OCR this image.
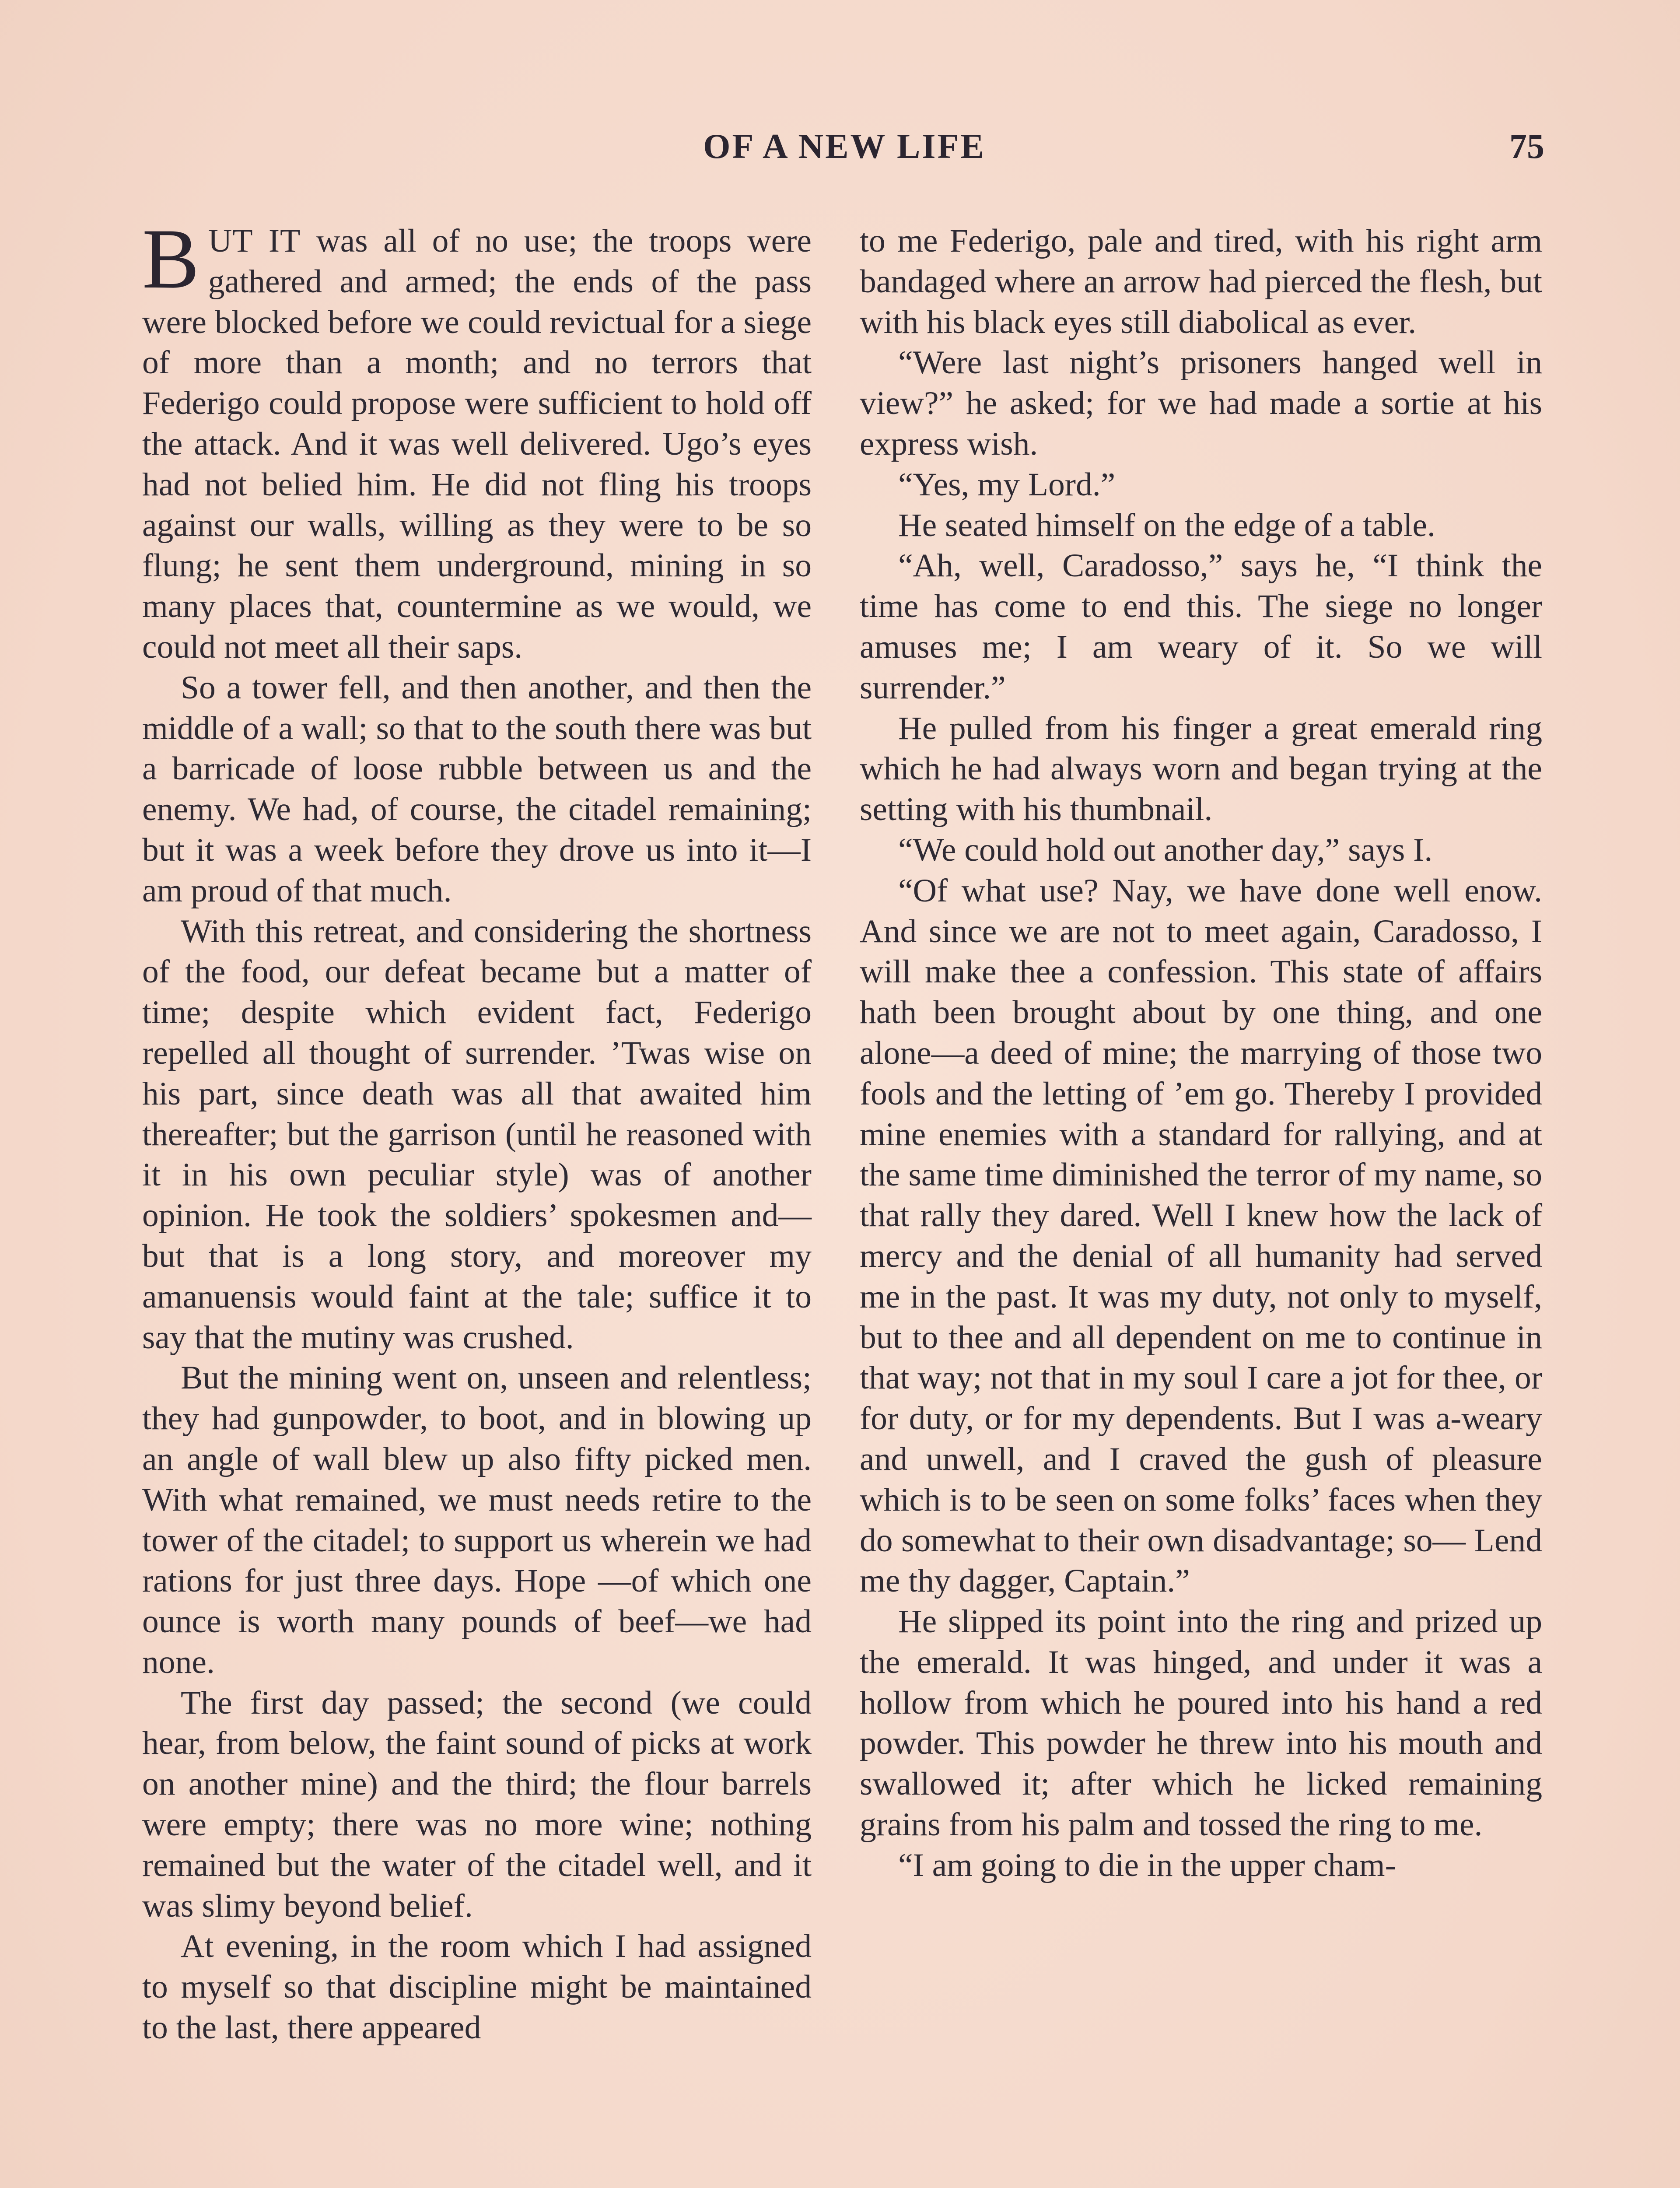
OF A NEW LIFE	75

BUT IT was all of no use; the troops were gathered and armed; the ends of the pass were blocked before we could revictual for a siege of more than a month; and no terrors that Federigo could propose were sufficient to hold off the attack. And it was well delivered. Ugo’s eyes had not belied him. He did not fling his troops against our walls, willing as they were to be so flung; he sent them underground, mining in so many places that, countermine as we would, we could not meet all their saps.

So a tower fell, and then another, and then the middle of a wall; so that to the south there was but a barricade of loose rubble between us and the enemy. We had, of course, the citadel remaining; but it was a week before they drove us into it—I am proud of that much.

With this retreat, and considering the shortness of the food, our defeat became but a matter of time; despite which evident fact, Federigo repelled all thought of surrender. ’Twas wise on his part, since death was all that awaited him thereafter; but the garrison (until he reasoned with it in his own peculiar style) was of another opinion. He took the soldiers’ spokesmen and—but that is a long story, and moreover my amanuensis would faint at the tale; suffice it to say that the mutiny was crushed.

But the mining went on, unseen and relentless; they had gunpowder, to boot, and in blowing up an angle of wall blew up also fifty picked men. With what remained, we must needs retire to the tower of the citadel; to support us wherein we had rations for just three days. Hope —of which one ounce is worth many pounds of beef—we had none.

The first day passed; the second (we could hear, from below, the faint sound of picks at work on another mine) and the third; the flour barrels were empty; there was no more wine; nothing remained but the water of the citadel well, and it was slimy beyond belief.

At evening, in the room which I had assigned to myself so that discipline might be maintained to the last, there appeared

to me Federigo, pale and tired, with his right arm bandaged where an arrow had pierced the flesh, but with his black eyes still diabolical as ever.

“Were last night’s prisoners hanged well in view?” he asked; for we had made a sortie at his express wish.

“Yes, my Lord.”

He seated himself on the edge of a table.

“Ah, well, Caradosso,” says he, “I think the time has come to end this. The siege no longer amuses me; I am weary of it. So we will surrender.”

He pulled from his finger a great emerald ring which he had always worn and began trying at the setting with his thumbnail.

“We could hold out another day,” says I.

“Of what use? Nay, we have done well enow. And since we are not to meet again, Caradosso, I will make thee a confession. This state of affairs hath been brought about by one thing, and one alone—a deed of mine; the marrying of those two fools and the letting of ’em go. Thereby I provided mine enemies with a standard for rallying, and at the same time diminished the terror of my name, so that rally they dared. Well I knew how the lack of mercy and the denial of all humanity had served me in the past. It was my duty, not only to myself, but to thee and all dependent on me to continue in that way; not that in my soul I care a jot for thee, or for duty, or for my dependents. But I was a-weary and unwell, and I craved the gush of pleasure which is to be seen on some folks’ faces when they do somewhat to their own disadvantage; so— Lend me thy dagger, Captain.”

He slipped its point into the ring and prized up the emerald. It was hinged, and under it was a hollow from which he poured into his hand a red powder. This powder he threw into his mouth and swallowed it; after which he licked remaining grains from his palm and tossed the ring to me.

“I am going to die in the upper cham-
